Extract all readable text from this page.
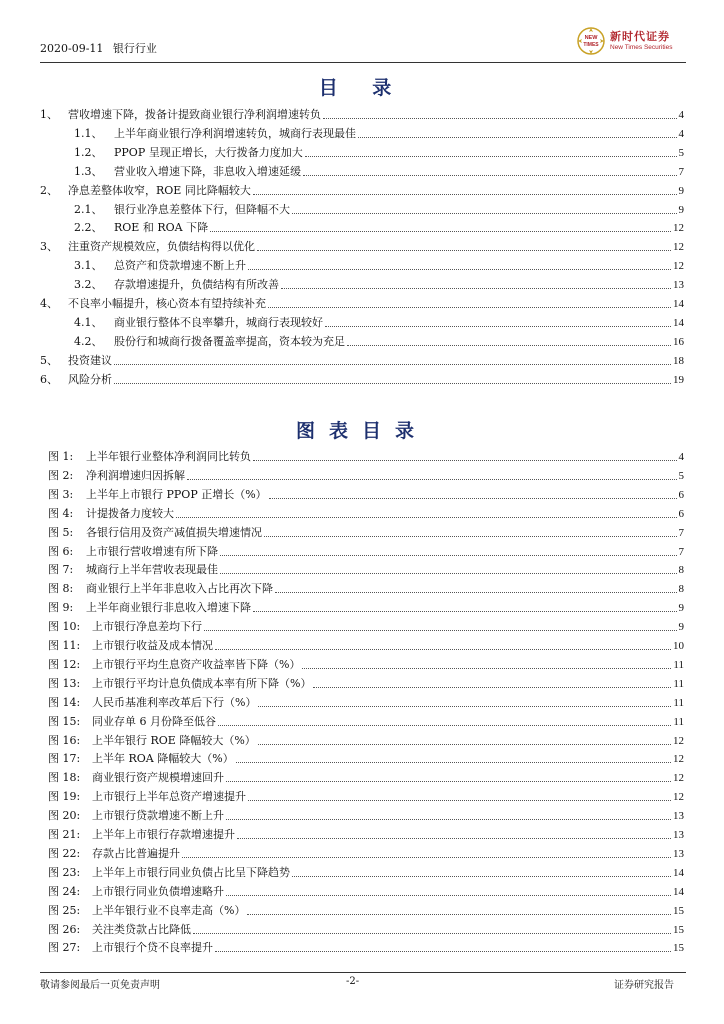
2020-09-11 银行行业
NEW
TIMES
新时代证券
New Times Securities
目 录
1、 营收增速下降，拨备计提致商业银行净利润增速转负	4
1.1、	上半年商业银行净利润增速转负，城商行表现最佳	4
1.2、	PPOP 呈现正增长，大行拨备力度加大	5
1.3、	营业收入增速下降，非息收入增速延缓	7
2、 净息差整体收窄，ROE 同比降幅较大	9
2.1、	银行业净息差整体下行，但降幅不大	9
2.2、	ROE 和 ROA 下降	12
3、 注重资产规模效应，负债结构得以优化	12
3.1、	总资产和贷款增速不断上升	12
3.2、	存款增速提升，负债结构有所改善	13
4、 不良率小幅提升，核心资本有望持续补充	14
4.1、	商业银行整体不良率攀升，城商行表现较好	14
4.2、	股份行和城商行拨备覆盖率提高，资本较为充足	16
5、 投资建议	18
6、 风险分析	19
图表目录
图 1:	上半年银行业整体净利润同比转负	4
图 2:	净利润增速归因拆解	5
图 3:	上半年上市银行 PPOP 正增长（%）	6
图 4:	计提拨备力度较大	6
图 5:	各银行信用及资产减值损失增速情况	7
图 6:	上市银行营收增速有所下降	7
图 7:	城商行上半年营收表现最佳	8
图 8:	商业银行上半年非息收入占比再次下降	8
图 9:	上半年商业银行非息收入增速下降	9
图 10:	上市银行净息差均下行	9
图 11:	上市银行收益及成本情况	10
图 12:	上市银行平均生息资产收益率皆下降（%）	11
图 13:	上市银行平均计息负债成本率有所下降（%）	11
图 14:	人民币基准利率改革后下行（%）	11
图 15:	同业存单 6 月份降至低谷	11
图 16:	上半年银行 ROE 降幅较大（%）	12
图 17:	上半年 ROA 降幅较大（%）	12
图 18:	商业银行资产规模增速回升	12
图 19:	上市银行上半年总资产增速提升	12
图 20:	上市银行贷款增速不断上升	13
图 21:	上半年上市银行存款增速提升	13
图 22:	存款占比普遍提升	13
图 23:	上半年上市银行同业负债占比呈下降趋势	14
图 24:	上市银行同业负债增速略升	14
图 25:	上半年银行业不良率走高（%）	15
图 26:	关注类贷款占比降低	15
图 27:	上市银行个贷不良率提升	15
敬请参阅最后一页免责声明	-2-	证券研究报告
